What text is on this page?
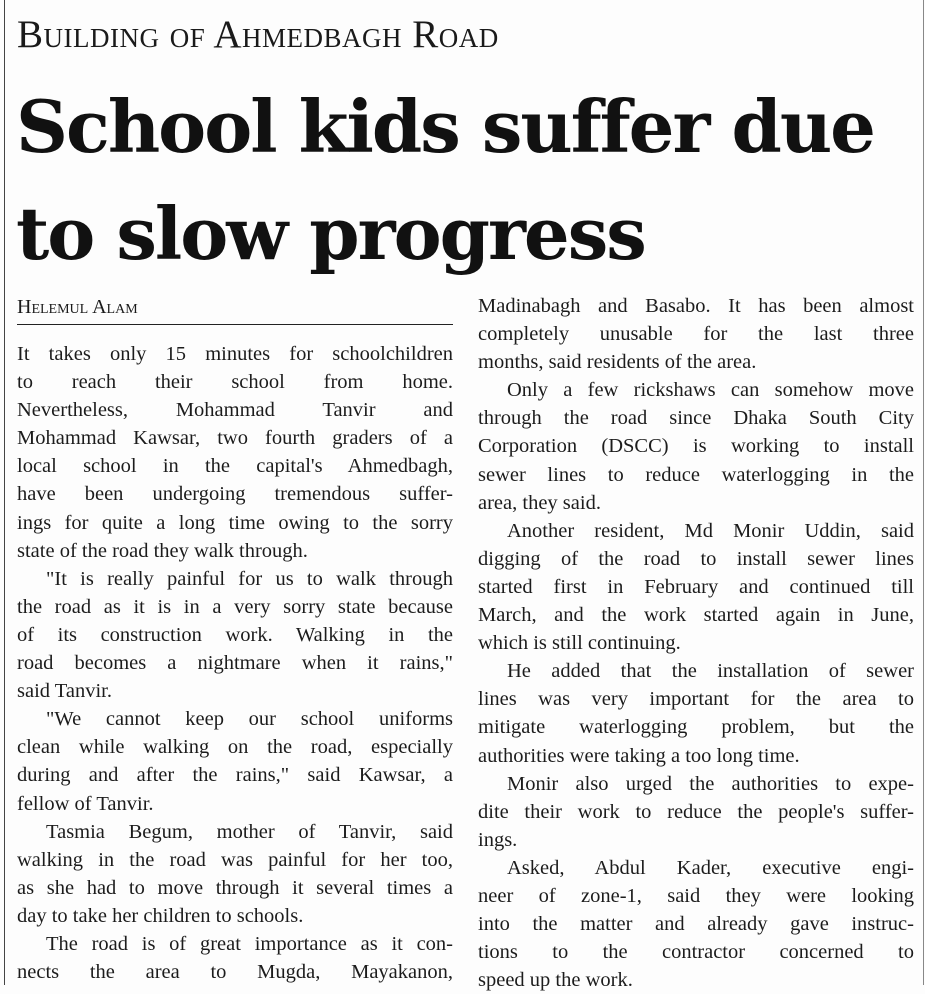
Building of Ahmedbagh Road
School kids suffer due
to slow progress
Helemul Alam
It takes only 15 minutes for schoolchildren
to reach their school from home.
Nevertheless, Mohammad Tanvir and
Mohammad Kawsar, two fourth graders of a
local school in the capital's Ahmedbagh,
have been undergoing tremendous suffer-
ings for quite a long time owing to the sorry
state of the road they walk through.
"It is really painful for us to walk through
the road as it is in a very sorry state because
of its construction work. Walking in the
road becomes a nightmare when it rains,"
said Tanvir.
"We cannot keep our school uniforms
clean while walking on the road, especially
during and after the rains," said Kawsar, a
fellow of Tanvir.
Tasmia Begum, mother of Tanvir, said
walking in the road was painful for her too,
as she had to move through it several times a
day to take her children to schools.
The road is of great importance as it con-
nects the area to Mugda, Mayakanon,
Madinabagh and Basabo. It has been almost
completely unusable for the last three
months, said residents of the area.
Only a few rickshaws can somehow move
through the road since Dhaka South City
Corporation (DSCC) is working to install
sewer lines to reduce waterlogging in the
area, they said.
Another resident, Md Monir Uddin, said
digging of the road to install sewer lines
started first in February and continued till
March, and the work started again in June,
which is still continuing.
He added that the installation of sewer
lines was very important for the area to
mitigate waterlogging problem, but the
authorities were taking a too long time.
Monir also urged the authorities to expe-
dite their work to reduce the people's suffer-
ings.
Asked, Abdul Kader, executive engi-
neer of zone-1, said they were looking
into the matter and already gave instruc-
tions to the contractor concerned to
speed up the work.
